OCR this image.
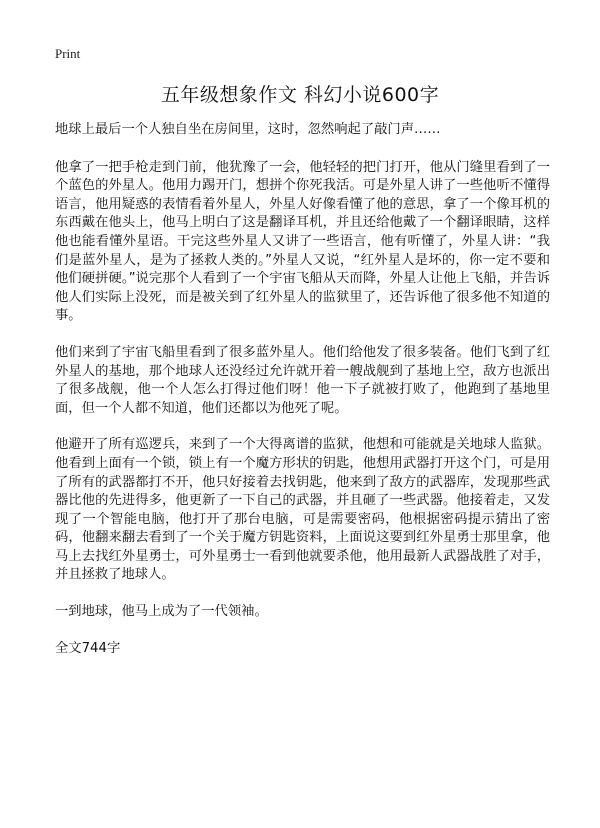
Print
五年级想象作文 科幻小说600字

地球上最后一个人独自坐在房间里，这时，忽然响起了敲门声……

他拿了一把手枪走到门前，他犹豫了一会，他轻轻的把门打开，他从门缝里看到了一个蓝色的外星人。他用力踢开门，想拼个你死我活。可是外星人讲了一些他听不懂得语言，他用疑惑的表情看着外星人，外星人好像看懂了他的意思，拿了一个像耳机的东西戴在他头上，他马上明白了这是翻译耳机，并且还给他戴了一个翻译眼睛，这样他也能看懂外星语。干完这些外星人又讲了一些语言，他有听懂了，外星人讲：“我们是蓝外星人，是为了拯救人类的。”外星人又说，“红外星人是坏的，你一定不要和他们硬拼硬。”说完那个人看到了一个宇宙飞船从天而降，外星人让他上飞船，并告诉他人们实际上没死，而是被关到了红外星人的监狱里了，还告诉他了很多他不知道的事。

他们来到了宇宙飞船里看到了很多蓝外星人。他们给他发了很多装备。他们飞到了红外星人的基地，那个地球人还没经过允许就开着一艘战舰到了基地上空，敌方也派出了很多战舰，他一个人怎么打得过他们呀！他一下子就被打败了，他跑到了基地里面，但一个人都不知道，他们还都以为他死了呢。

他避开了所有巡逻兵，来到了一个大得离谱的监狱，他想和可能就是关地球人监狱。他看到上面有一个锁，锁上有一个魔方形状的钥匙，他想用武器打开这个门，可是用了所有的武器都打不开，他只好接着去找钥匙，他来到了敌方的武器库，发现那些武器比他的先进得多，他更新了一下自己的武器，并且砸了一些武器。他接着走，又发现了一个智能电脑，他打开了那台电脑，可是需要密码，他根据密码提示猜出了密码，他翻来翻去看到了一个关于魔方钥匙资料，上面说这要到红外星勇士那里拿，他马上去找红外星勇士，可外星勇士一看到他就要杀他，他用最新人武器战胜了对手，并且拯救了地球人。

一到地球，他马上成为了一代领袖。

全文744字
